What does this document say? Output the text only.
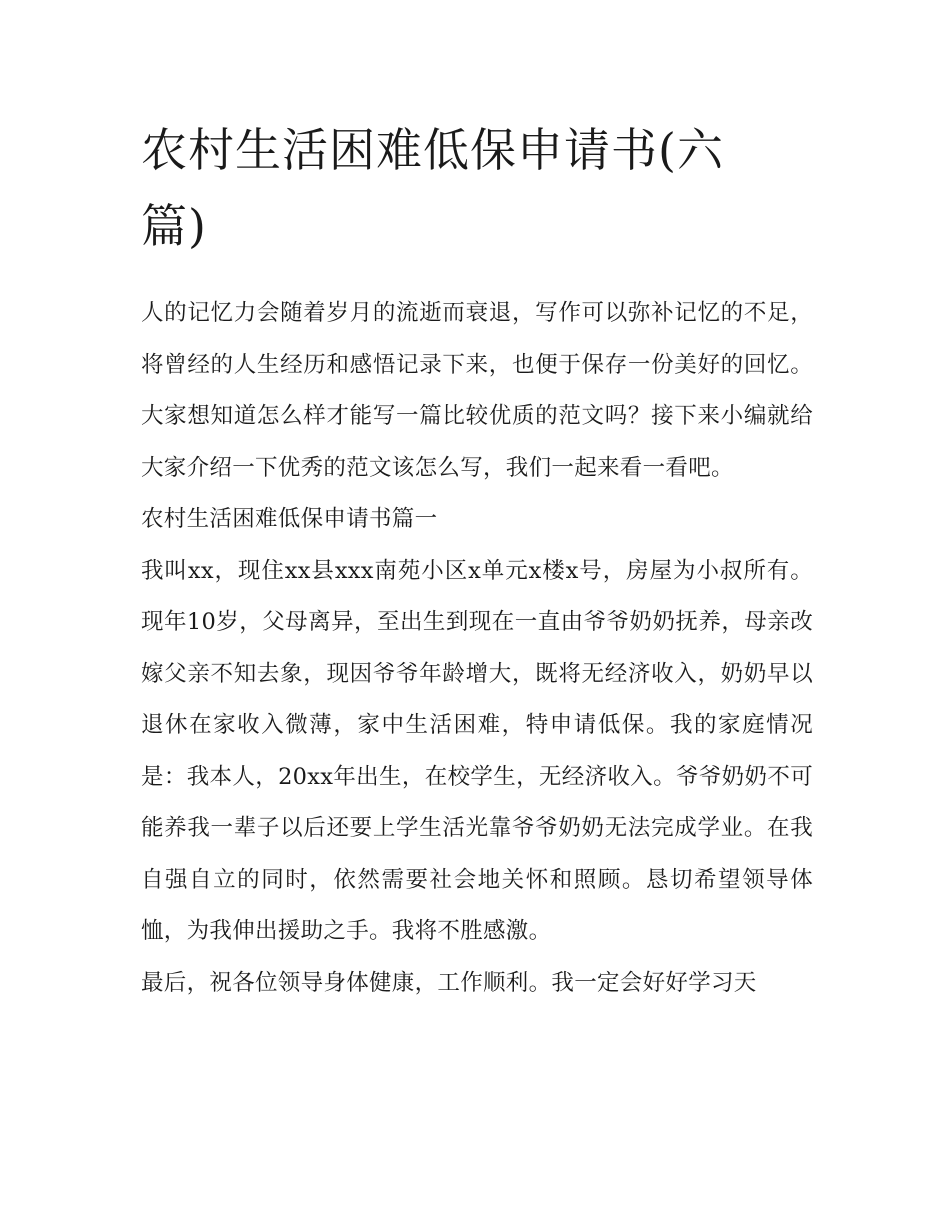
农村生活困难低保申请书(六篇)

人的记忆力会随着岁月的流逝而衰退，写作可以弥补记忆的不足，将曾经的人生经历和感悟记录下来，也便于保存一份美好的回忆。大家想知道怎么样才能写一篇比较优质的范文吗？接下来小编就给大家介绍一下优秀的范文该怎么写，我们一起来看一看吧。

农村生活困难低保申请书篇一

我叫xx，现住xx县xxx南苑小区x单元x楼x号，房屋为小叔所有。现年10岁，父母离异，至出生到现在一直由爷爷奶奶抚养，母亲改嫁父亲不知去象，现因爷爷年龄增大，既将无经济收入，奶奶早以退休在家收入微薄，家中生活困难，特申请低保。我的家庭情况是：我本人，20xx年出生，在校学生，无经济收入。爷爷奶奶不可能养我一辈子以后还要上学生活光靠爷爷奶奶无法完成学业。在我自强自立的同时，依然需要社会地关怀和照顾。恳切希望领导体恤，为我伸出援助之手。我将不胜感激。

最后，祝各位领导身体健康，工作顺利。我一定会好好学习天
